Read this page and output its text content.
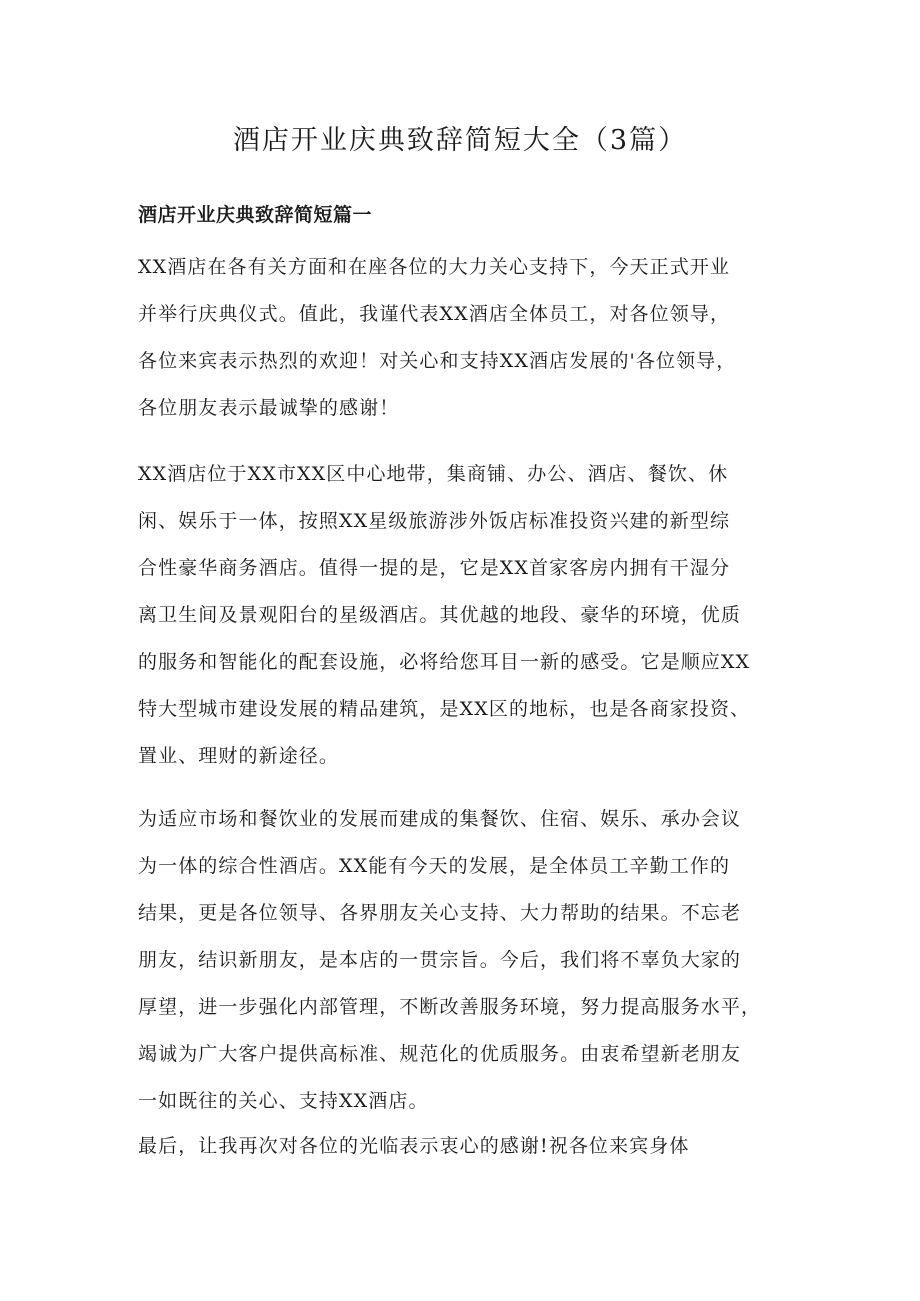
酒店开业庆典致辞简短大全（3篇）
酒店开业庆典致辞简短篇一
XX酒店在各有关方面和在座各位的大力关心支持下，今天正式开业
并举行庆典仪式。值此，我谨代表XX酒店全体员工，对各位领导，
各位来宾表示热烈的欢迎！对关心和支持XX酒店发展的'各位领导，
各位朋友表示最诚挚的感谢！
XX酒店位于XX市XX区中心地带，集商铺、办公、酒店、餐饮、休
闲、娱乐于一体，按照XX星级旅游涉外饭店标准投资兴建的新型综
合性豪华商务酒店。值得一提的是，它是XX首家客房内拥有干湿分
离卫生间及景观阳台的星级酒店。其优越的地段、豪华的环境，优质
的服务和智能化的配套设施，必将给您耳目一新的感受。它是顺应XX
特大型城市建设发展的精品建筑，是XX区的地标，也是各商家投资、
置业、理财的新途径。
为适应市场和餐饮业的发展而建成的集餐饮、住宿、娱乐、承办会议
为一体的综合性酒店。XX能有今天的发展，是全体员工辛勤工作的
结果，更是各位领导、各界朋友关心支持、大力帮助的结果。不忘老
朋友，结识新朋友，是本店的一贯宗旨。今后，我们将不辜负大家的
厚望，进一步强化内部管理，不断改善服务环境，努力提高服务水平，
竭诚为广大客户提供高标准、规范化的优质服务。由衷希望新老朋友
一如既往的关心、支持XX酒店。
最后，让我再次对各位的光临表示衷心的感谢!祝各位来宾身体
